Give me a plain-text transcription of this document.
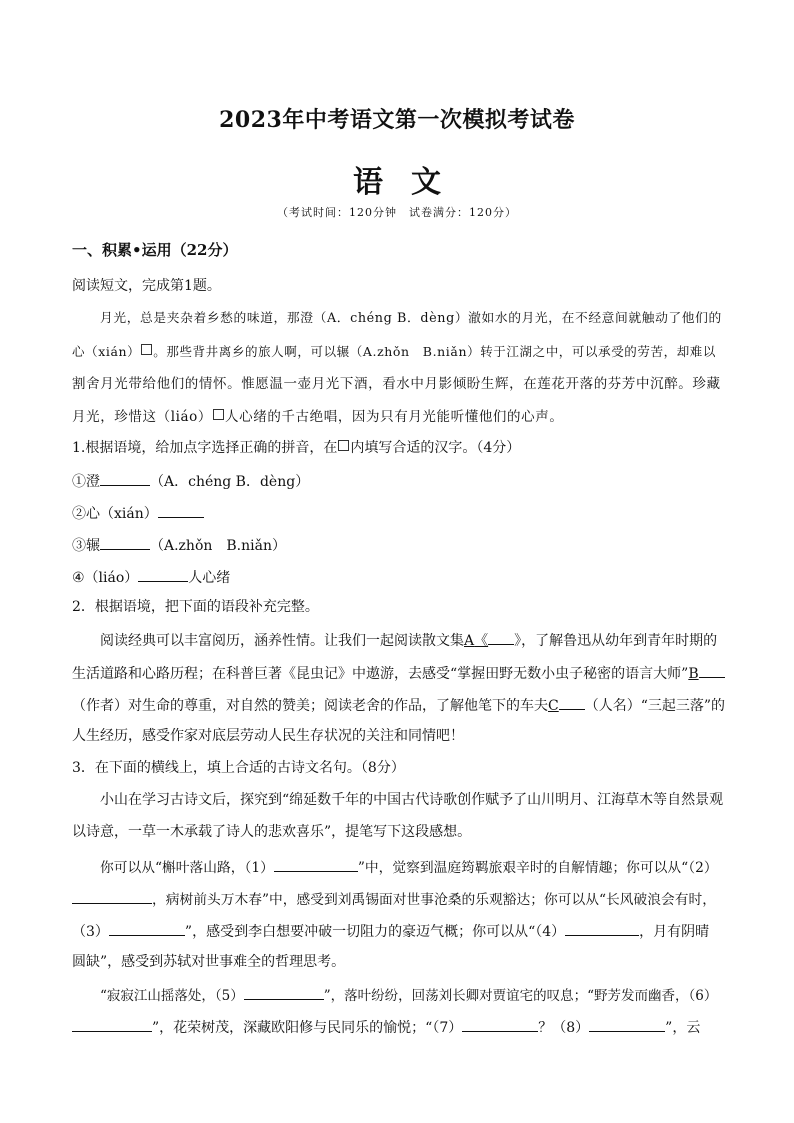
2023年中考语文第一次模拟考试卷
语文
（考试时间：120分钟　试卷满分：120分）
一、积累•运用（22分）
阅读短文，完成第1题。
月光，总是夹杂着乡愁的味道，那澄（A．chéng B．dèng）澈如水的月光，在不经意间就触动了他们的
心（xián） 。那些背井离乡的旅人啊，可以辗（A.zhǒn　B.niǎn）转于江湖之中，可以承受的劳苦，却难以
割舍月光带给他们的情怀。惟愿温一壶月光下酒，看水中月影倾盼生辉，在莲花开落的芬芳中沉醉。珍藏
月光，珍惜这（liáo） 人心绪的千古绝唱，因为只有月光能听懂他们的心声。
1.根据语境，给加点字选择正确的拼音，在 内填写合适的汉字。（4分）
①澄	（A．chéng B．dèng）
②心（xián）
③辗	（A.zhǒn　B.niǎn）
④（liáo）	人心绪
2．根据语境，把下面的语段补充完整。
阅读经典可以丰富阅历，涵养性情。让我们一起阅读散文集A《 》，了解鲁迅从幼年到青年时期的
生活道路和心路历程；在科普巨著《昆虫记》中遨游，去感受“掌握田野无数小虫子秘密的语言大师”B
（作者）对生命的尊重，对自然的赞美；阅读老舍的作品，了解他笔下的车夫C （人名）“三起三落”的
人生经历，感受作家对底层劳动人民生存状况的关注和同情吧！
3．在下面的横线上，填上合适的古诗文名句。（8分）
小山在学习古诗文后，探究到“绵延数千年的中国古代诗歌创作赋予了山川明月、江海草木等自然景观
以诗意，一草一木承载了诗人的悲欢喜乐”，提笔写下这段感想。
你可以从“槲叶落山路，（1）	”中，觉察到温庭筠羁旅艰辛时的自解情趣；你可以从“（2）
，病树前头万木春”中，感受到刘禹锡面对世事沧桑的乐观豁达；你可以从“长风破浪会有时，
（3）	”，感受到李白想要冲破一切阻力的豪迈气概；你可以从“（4）	，月有阴晴
圆缺”，感受到苏轼对世事难全的哲理思考。
“寂寂江山摇落处，（5）	”，落叶纷纷，回荡刘长卿对贾谊宅的叹息；“野芳发而幽香，（6）
”，花荣树茂，深藏欧阳修与民同乐的愉悦；“（7）	？（8）	”，云
